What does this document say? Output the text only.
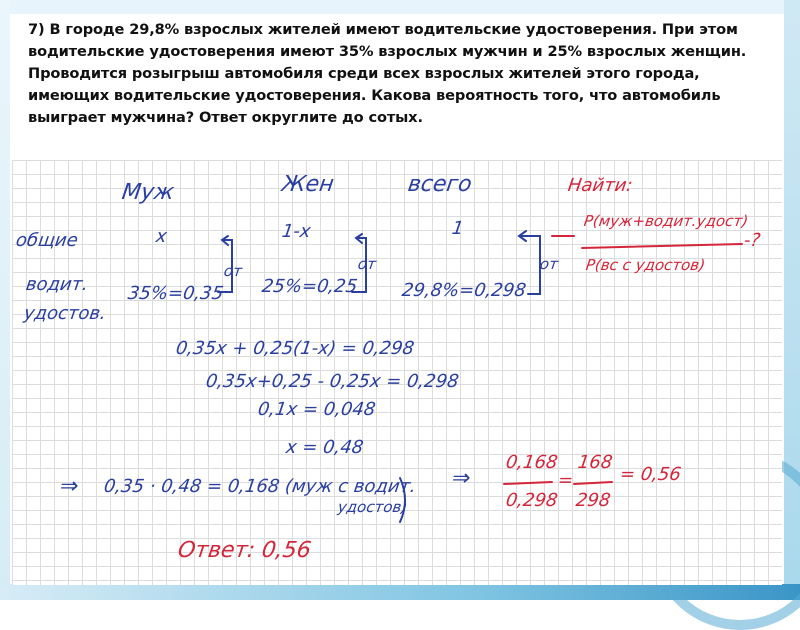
7) В городе 29,8% взрослых жителей имеют водительские удостоверения. При этом водительские удостоверения имеют 35% взрослых мужчин и 25% взрослых женщин. Проводится розыгрыш автомобиля среди всех взрослых жителей этого города, имеющих водительские удостоверения. Какова вероятность того, что автомобиль выиграет мужчина? Ответ округлите до сотых.
Муж	Жен	всего	Найти:
общие
водит.
удостов.
x	1-x	1
35%=0,35 25%=0,25 29,8%=0,298
от	от	от
P(муж+водит.удост)
P(вс с удостов)
-?
0,35x + 0,25(1-x) = 0,298
0,35x+0,25 - 0,25x = 0,298
0,1x = 0,048
x = 0,48
⇒ 0,35 · 0,48 = 0,168 (муж с водит.
удостов)
⇒
0,168
0,298
=
168
298
= 0,56
Ответ: 0,56
